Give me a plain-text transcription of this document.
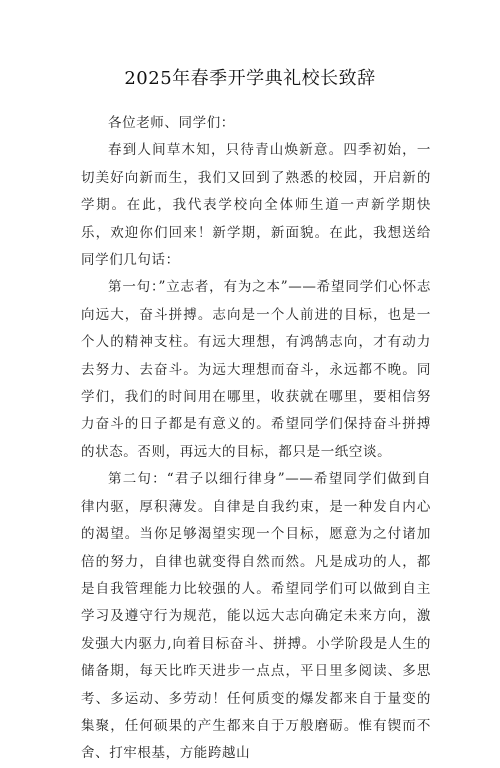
2025年春季开学典礼校长致辞

各位老师、同学们：

春到人间草木知，只待青山焕新意。四季初始，一切美好向新而生，我们又回到了熟悉的校园，开启新的学期。在此，我代表学校向全体师生道一声新学期快乐，欢迎你们回来！新学期，新面貌。在此，我想送给同学们几句话：

第一句：”立志者，有为之本”——希望同学们心怀志向远大，奋斗拼搏。志向是一个人前进的目标，也是一个人的精神支柱。有远大理想，有鸿鹄志向，才有动力去努力、去奋斗。为远大理想而奋斗，永远都不晚。同学们，我们的时间用在哪里，收获就在哪里，要相信努力奋斗的日子都是有意义的。希望同学们保持奋斗拼搏的状态。否则，再远大的目标，都只是一纸空谈。

第二句：“君子以细行律身”——希望同学们做到自律内驱，厚积薄发。自律是自我约束，是一种发自内心的渴望。当你足够渴望实现一个目标，愿意为之付诸加倍的努力，自律也就变得自然而然。凡是成功的人，都是自我管理能力比较强的人。希望同学们可以做到自主学习及遵守行为规范，能以远大志向确定未来方向，激发强大内驱力,向着目标奋斗、拼搏。小学阶段是人生的储备期，每天比昨天进步一点点，平日里多阅读、多思考、多运动、多劳动！任何质变的爆发都来自于量变的集聚，任何硕果的产生都来自于万般磨砺。惟有锲而不舍、打牢根基，方能跨越山
